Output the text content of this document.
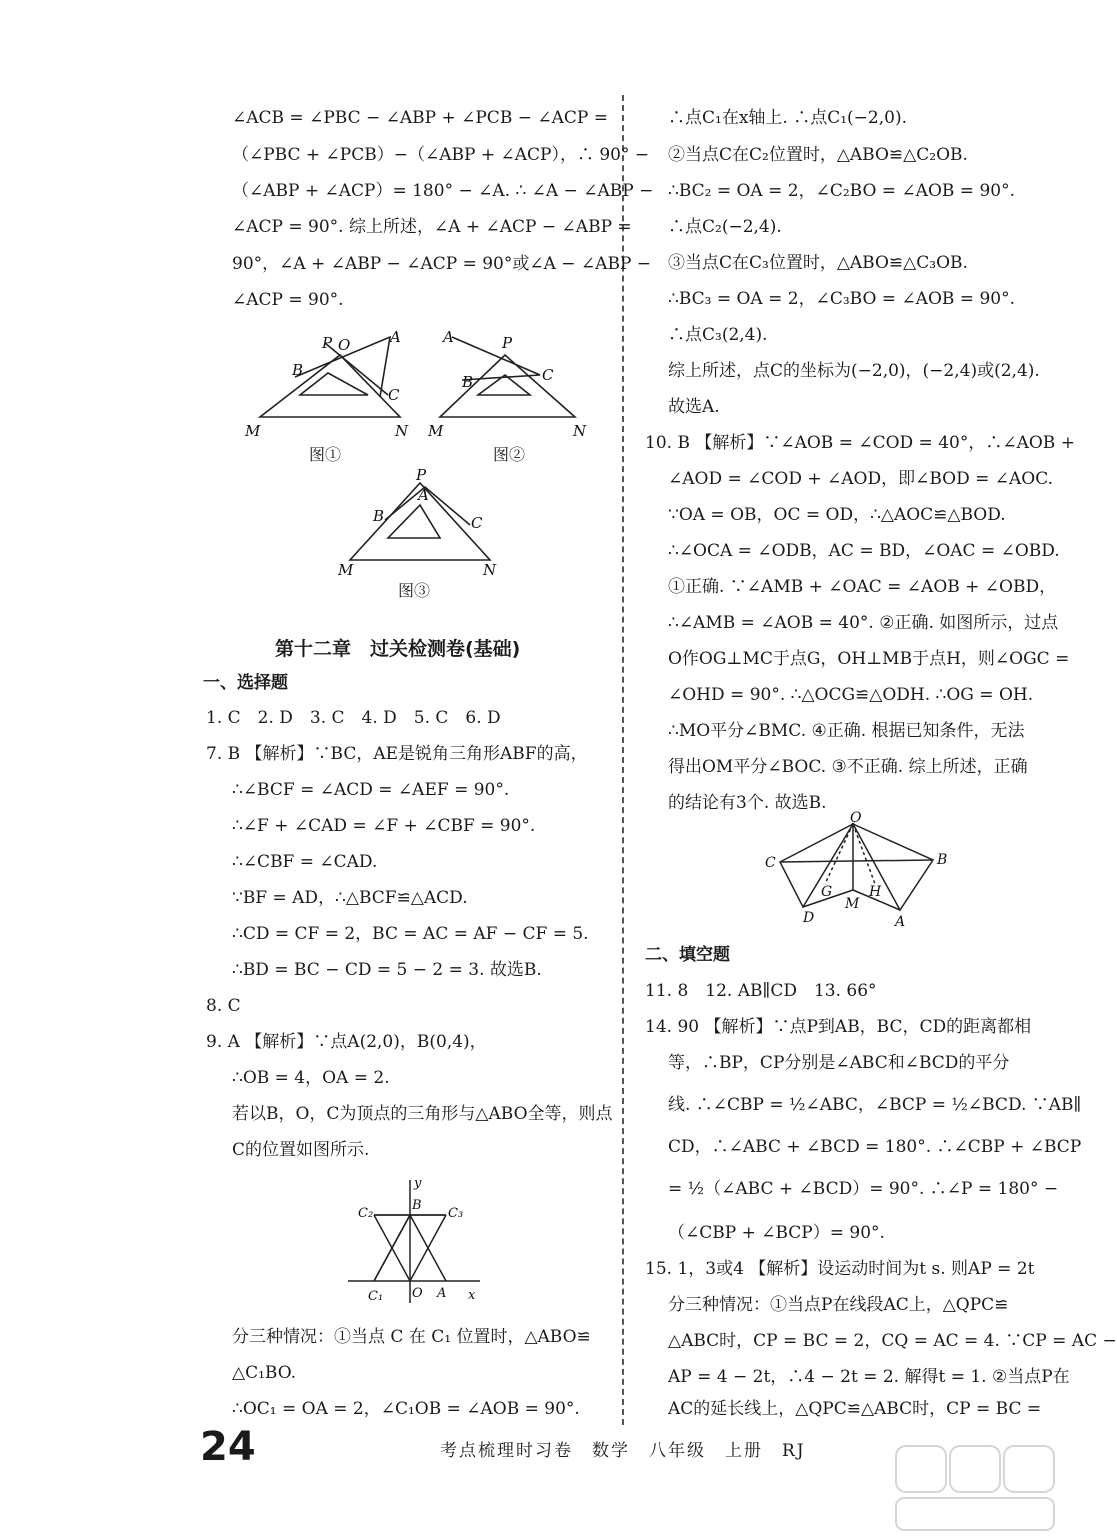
∠ACB = ∠PBC − ∠ABP + ∠PCB − ∠ACP =
（∠PBC + ∠PCB）−（∠ABP + ∠ACP），∴ 90° −
（∠ABP + ∠ACP）= 180° − ∠A. ∴ ∠A − ∠ABP −
∠ACP = 90°. 综上所述，∠A + ∠ACP − ∠ABP =
90°，∠A + ∠ABP − ∠ACP = 90°或∠A − ∠ABP −
∠ACP = 90°.
M	N
P O	A
B
C
M	N
A	P
B	C
M	N
P
A
B	C
图①	图②
图③
第十二章　过关检测卷(基础)
一、选择题
1. C　2. D　3. C　4. D　5. C　6. D
7. B 【解析】∵BC，AE是锐角三角形ABF的高，
∴∠BCF = ∠ACD = ∠AEF = 90°.
∴∠F + ∠CAD = ∠F + ∠CBF = 90°.
∴∠CBF = ∠CAD.
∵BF = AD，∴△BCF≌△ACD.
∴CD = CF = 2，BC = AC = AF − CF = 5.
∴BD = BC − CD = 5 − 2 = 3. 故选B.
8. C
9. A 【解析】∵点A(2,0)，B(0,4)，
∴OB = 4，OA = 2.
若以B，O，C为顶点的三角形与△ABO全等，则点
C的位置如图所示.
y
B
C₂	C₃
C₁ O A x
分三种情况：①当点 C 在 C₁ 位置时，△ABO≌
△C₁BO.
∴OC₁ = OA = 2，∠C₁OB = ∠AOB = 90°.
∴点C₁在x轴上. ∴点C₁(−2,0).
②当点C在C₂位置时，△ABO≌△C₂OB.
∴BC₂ = OA = 2，∠C₂BO = ∠AOB = 90°.
∴点C₂(−2,4).
③当点C在C₃位置时，△ABO≌△C₃OB.
∴BC₃ = OA = 2，∠C₃BO = ∠AOB = 90°.
∴点C₃(2,4).
综上所述，点C的坐标为(−2,0)，(−2,4)或(2,4).
故选A.
10. B 【解析】∵∠AOB = ∠COD = 40°，∴∠AOB +
∠AOD = ∠COD + ∠AOD，即∠BOD = ∠AOC.
∵OA = OB，OC = OD，∴△AOC≌△BOD.
∴∠OCA = ∠ODB，AC = BD，∠OAC = ∠OBD.
①正确. ∵∠AMB + ∠OAC = ∠AOB + ∠OBD，
∴∠AMB = ∠AOB = 40°. ②正确. 如图所示，过点
O作OG⊥MC于点G，OH⊥MB于点H，则∠OGC =
∠OHD = 90°. ∴△OCG≌△ODH. ∴OG = OH.
∴MO平分∠BMC. ④正确. 根据已知条件，无法
得出OM平分∠BOC. ③不正确. 综上所述，正确
的结论有3个. 故选B.
O
C	B
G	H
M
D	A
二、填空题
11. 8　12. AB∥CD　13. 66°
14. 90 【解析】∵点P到AB，BC，CD的距离都相
等，∴BP，CP分别是∠ABC和∠BCD的平分
线. ∴∠CBP = ½∠ABC，∠BCP = ½∠BCD. ∵AB∥
CD，∴∠ABC + ∠BCD = 180°. ∴∠CBP + ∠BCP
= ½（∠ABC + ∠BCD）= 90°. ∴∠P = 180° −
（∠CBP + ∠BCP）= 90°.
15. 1，3或4 【解析】设运动时间为t s. 则AP = 2t
分三种情况：①当点P在线段AC上，△QPC≌
△ABC时，CP = BC = 2，CQ = AC = 4. ∵CP = AC −
AP = 4 − 2t，∴4 − 2t = 2. 解得t = 1. ②当点P在
AC的延长线上，△QPC≌△ABC时，CP = BC =
24	考点梳理时习卷　数学　八年级　上册　RJ
